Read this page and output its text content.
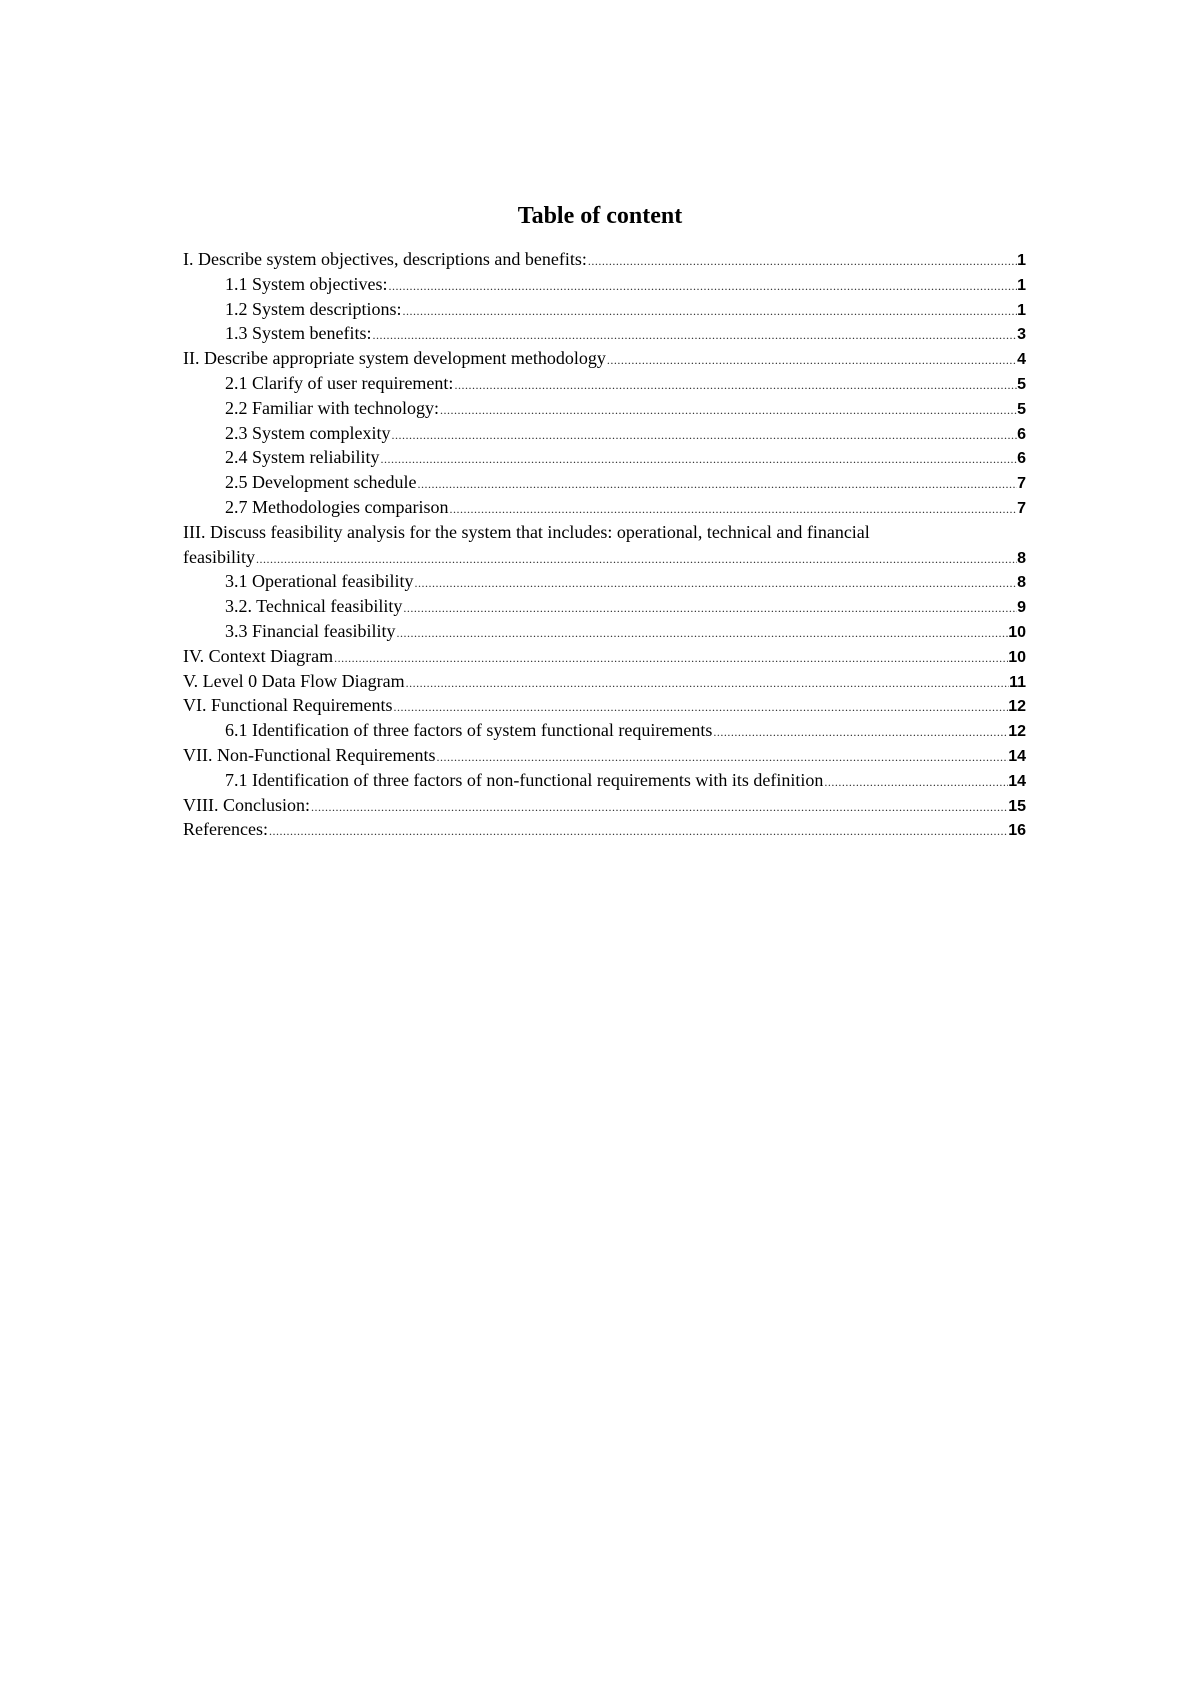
Table of content
I. Describe system objectives, descriptions and benefits: .....	1
1.1 System objectives: .....	1
1.2 System descriptions: .....	1
1.3 System benefits: .....	3
II. Describe appropriate system development methodology .....	4
2.1 Clarify of user requirement: .....	5
2.2 Familiar with technology: .....	5
2.3 System complexity .....	6
2.4 System reliability .....	6
2.5 Development schedule .....	7
2.7 Methodologies comparison .....	7
III. Discuss feasibility analysis for the system that includes: operational, technical and financial
feasibility .....	8
3.1 Operational feasibility .....	8
3.2. Technical feasibility .....	9
3.3 Financial feasibility .....	10
IV. Context Diagram .....	10
V. Level 0 Data Flow Diagram .....	11
VI. Functional Requirements .....	12
6.1 Identification of three factors of system functional requirements .....	12
VII. Non-Functional Requirements .....	14
7.1 Identification of three factors of non-functional requirements with its definition .....	14
VIII. Conclusion: .....	15
References: .....	16
